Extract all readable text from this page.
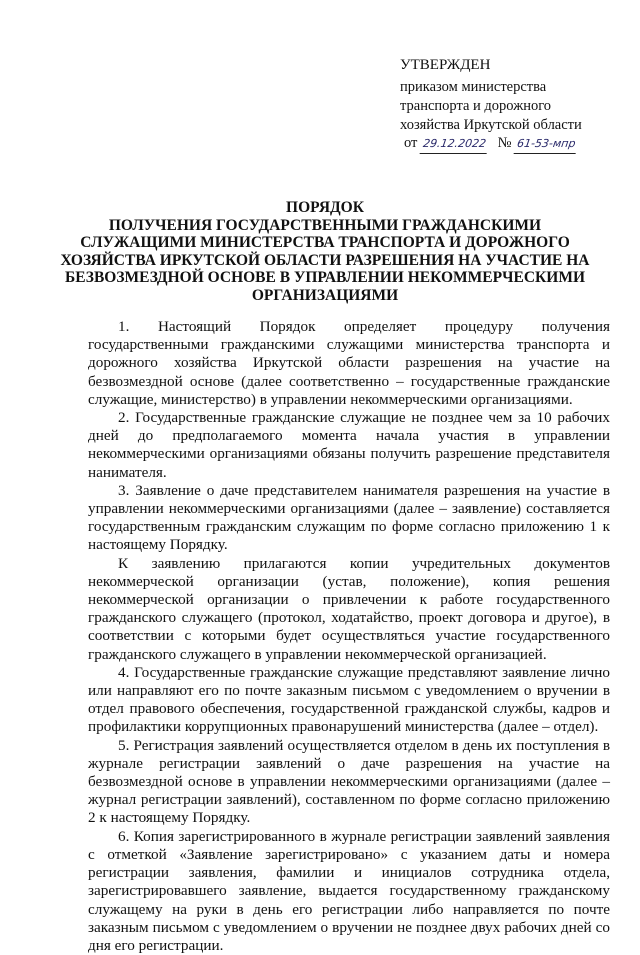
УТВЕРЖДЕН
приказом министерства
транспорта и дорожного
хозяйства Иркутской области
от 29.12.2022 № 61-53-мпр
ПОРЯДОК
ПОЛУЧЕНИЯ ГОСУДАРСТВЕННЫМИ ГРАЖДАНСКИМИ СЛУЖАЩИМИ МИНИСТЕРСТВА ТРАНСПОРТА И ДОРОЖНОГО ХОЗЯЙСТВА ИРКУТСКОЙ ОБЛАСТИ РАЗРЕШЕНИЯ НА УЧАСТИЕ НА БЕЗВОЗМЕЗДНОЙ ОСНОВЕ В УПРАВЛЕНИИ НЕКОММЕРЧЕСКИМИ ОРГАНИЗАЦИЯМИ

1. Настоящий Порядок определяет процедуру получения государственными гражданскими служащими министерства транспорта и дорожного хозяйства Иркутской области разрешения на участие на безвозмездной основе (далее соответственно – государственные гражданские служащие, министерство) в управлении некоммерческими организациями.

2. Государственные гражданские служащие не позднее чем за 10 рабочих дней до предполагаемого момента начала участия в управлении некоммерческими организациями обязаны получить разрешение представителя нанимателя.

3. Заявление о даче представителем нанимателя разрешения на участие в управлении некоммерческими организациями (далее – заявление) составляется государственным гражданским служащим по форме согласно приложению 1 к настоящему Порядку.

К заявлению прилагаются копии учредительных документов некоммерческой организации (устав, положение), копия решения некоммерческой организации о привлечении к работе государственного гражданского служащего (протокол, ходатайство, проект договора и другое), в соответствии с которыми будет осуществляться участие государственного гражданского служащего в управлении некоммерческой организацией.

4. Государственные гражданские служащие представляют заявление лично или направляют его по почте заказным письмом с уведомлением о вручении в отдел правового обеспечения, государственной гражданской службы, кадров и профилактики коррупционных правонарушений министерства (далее – отдел).

5. Регистрация заявлений осуществляется отделом в день их поступления в журнале регистрации заявлений о даче разрешения на участие на безвозмездной основе в управлении некоммерческими организациями (далее – журнал регистрации заявлений), составленном по форме согласно приложению 2 к настоящему Порядку.

6. Копия зарегистрированного в журнале регистрации заявлений заявления с отметкой «Заявление зарегистрировано» с указанием даты и номера регистрации заявления, фамилии и инициалов сотрудника отдела, зарегистрировавшего заявление, выдается государственному гражданскому служащему на руки в день его регистрации либо направляется по почте заказным письмом с уведомлением о вручении не позднее двух рабочих дней со дня его регистрации.
